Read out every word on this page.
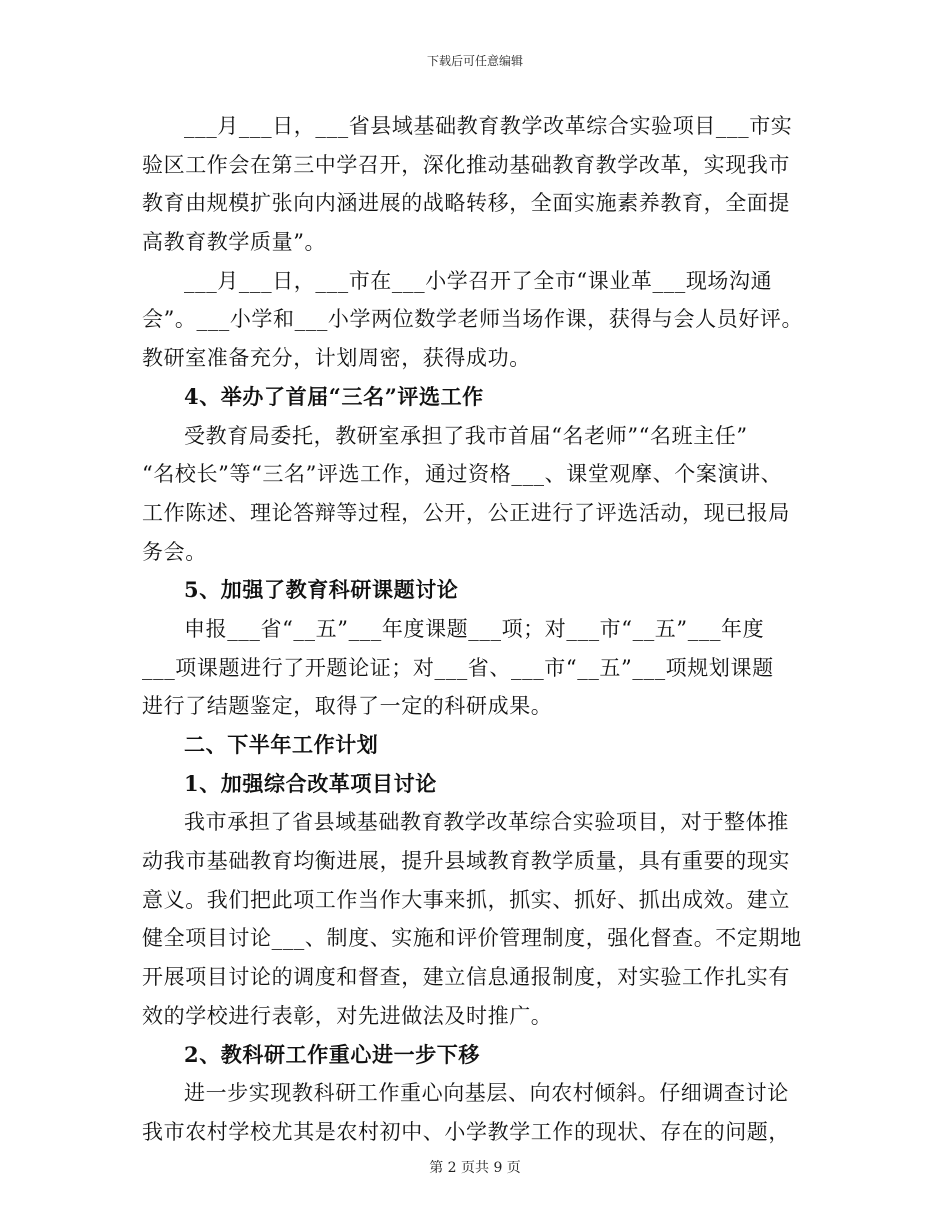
下载后可任意编辑
___月___日，___省县域基础教育教学改革综合实验项目___市实
验区工作会在第三中学召开，深化推动基础教育教学改革，实现我市
教育由规模扩张向内涵进展的战略转移，全面实施素养教育，全面提
高教育教学质量”。
___月___日，___市在___小学召开了全市“课业革___现场沟通
会”。___小学和___小学两位数学老师当场作课，获得与会人员好评。
教研室准备充分，计划周密，获得成功。
4、举办了首届“三名”评选工作
受教育局委托，教研室承担了我市首届“名老师”“名班主任”
“名校长”等“三名”评选工作，通过资格___、课堂观摩、个案演讲、
工作陈述、理论答辩等过程，公开，公正进行了评选活动，现已报局
务会。
5、加强了教育科研课题讨论
申报___省“__五”___年度课题___项；对___市“__五”___年度
___项课题进行了开题论证；对___省、___市“__五”___项规划课题
进行了结题鉴定，取得了一定的科研成果。
二、下半年工作计划
1、加强综合改革项目讨论
我市承担了省县域基础教育教学改革综合实验项目，对于整体推
动我市基础教育均衡进展，提升县域教育教学质量，具有重要的现实
意义。我们把此项工作当作大事来抓，抓实、抓好、抓出成效。建立
健全项目讨论___、制度、实施和评价管理制度，强化督查。不定期地
开展项目讨论的调度和督查，建立信息通报制度，对实验工作扎实有
效的学校进行表彰，对先进做法及时推广。
2、教科研工作重心进一步下移
进一步实现教科研工作重心向基层、向农村倾斜。仔细调查讨论
我市农村学校尤其是农村初中、小学教学工作的现状、存在的问题，
第 2 页共 9 页
